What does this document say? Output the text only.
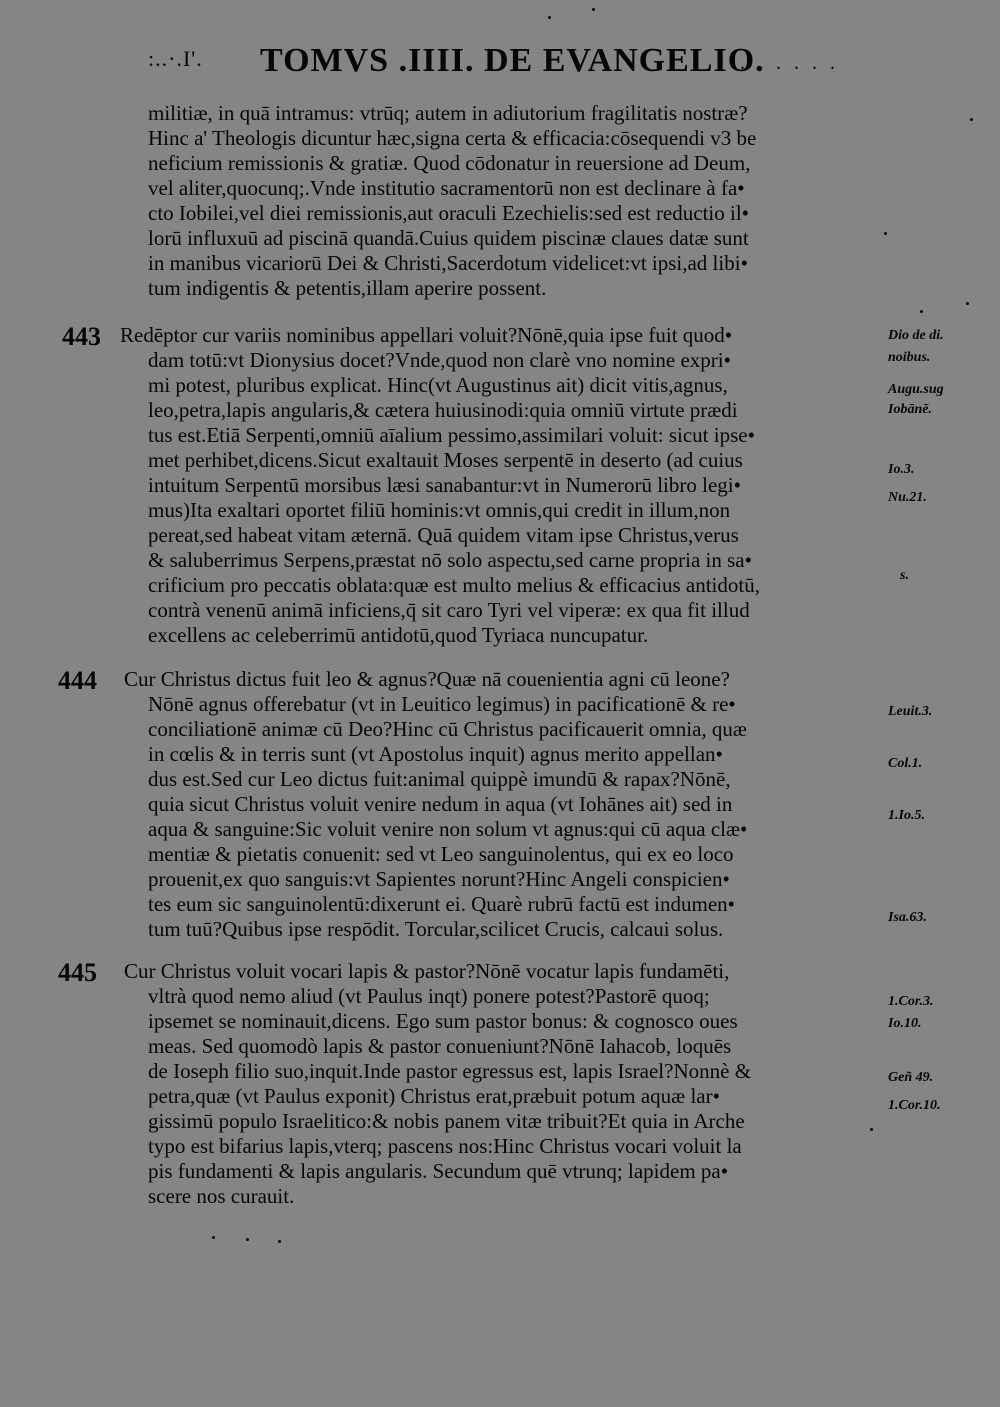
:..·.I'. TOMVS .IIII. DE EVANGELIO.
. . . . . .
militiæ, in quā intramus: vtrūq; autem in adiutorium fragilitatis nostræ?
Hinc a' Theologis dicuntur hæc,signa certa & efficacia:cōsequendi v3 be
neficium remissionis & gratiæ. Quod cōdonatur in reuersione ad Deum,
vel aliter,quocunq;.Vnde institutio sacramentorū non est declinare à fa•
cto Iobilei,vel diei remissionis,aut oraculi Ezechielis:sed est reductio il•
lorū influxuū ad piscinā quandā.Cuius quidem piscinæ claues datæ sunt
in manibus vicariorū Dei & Christi,Sacerdotum videlicet:vt ipsi,ad libi•
tum indigentis & petentis,illam aperire possent.
443 Redēptor cur variis nominibus appellari voluit?Nōnē,quia ipse fuit quod•
dam totū:vt Dionysius docet?Vnde,quod non clarè vno nomine expri•
mi potest, pluribus explicat. Hinc(vt Augustinus ait) dicit vitis,agnus,
leo,petra,lapis angularis,& cætera huiusinodi:quia omniū virtute prædi
tus est.Etiā Serpenti,omniū aīalium pessimo,assimilari voluit: sicut ipse•
met perhibet,dicens.Sicut exaltauit Moses serpentē in deserto (ad cuius
intuitum Serpentū morsibus læsi sanabantur:vt in Numerorū libro legi•
mus)Ita exaltari oportet filiū hominis:vt omnis,qui credit in illum,non
pereat,sed habeat vitam æternā. Quā quidem vitam ipse Christus,verus
& saluberrimus Serpens,præstat nō solo aspectu,sed carne propria in sa•
crificium pro peccatis oblata:quæ est multo melius & efficacius antidotū,
contrà venenū animā inficiens,q̄ sit caro Tyri vel viperæ: ex qua fit illud
excellens ac celeberrimū antidotū,quod Tyriaca nuncupatur.
444 Cur Christus dictus fuit leo & agnus?Quæ nā couenientia agni cū leone?
Nōnē agnus offerebatur (vt in Leuitico legimus) in pacificationē & re•
conciliationē animæ cū Deo?Hinc cū Christus pacificauerit omnia, quæ
in cœlis & in terris sunt (vt Apostolus inquit) agnus merito appellan•
dus est.Sed cur Leo dictus fuit:animal quippè imundū & rapax?Nōnē,
quia sicut Christus voluit venire nedum in aqua (vt Iohānes ait) sed in
aqua & sanguine:Sic voluit venire non solum vt agnus:qui cū aqua clæ•
mentiæ & pietatis conuenit: sed vt Leo sanguinolentus, qui ex eo loco
prouenit,ex quo sanguis:vt Sapientes norunt?Hinc Angeli conspicien•
tes eum sic sanguinolentū:dixerunt ei. Quarè rubrū factū est indumen•
tum tuū?Quibus ipse respōdit. Torcular,scilicet Crucis, calcaui solus.
445 Cur Christus voluit vocari lapis & pastor?Nōnē vocatur lapis fundamēti,
vltrà quod nemo aliud (vt Paulus inqt) ponere potest?Pastorē quoq;
ipsemet se nominauit,dicens. Ego sum pastor bonus: & cognosco oues
meas. Sed quomodò lapis & pastor conueniunt?Nōnē Iahacob, loquēs
de Ioseph filio suo,inquit.Inde pastor egressus est, lapis Israel?Nonnè &
petra,quæ (vt Paulus exponit) Christus erat,præbuit potum aquæ lar•
gissimū populo Israelitico:& nobis panem vitæ tribuit?Et quia in Arche
typo est bifarius lapis,vterq; pascens nos:Hinc Christus vocari voluit la
pis fundamenti & lapis angularis. Secundum quē vtrunq; lapidem pa•
scere nos curauit.
Dio de di.
noibus.
Augu.sug
Iobānē.
Io.3.
Nu.21.
s.
Leuit.3.
Col.1.
1.Io.5.
Isa.63.
1.Cor.3.
Io.10.
Geñ 49.
1.Cor.10.
